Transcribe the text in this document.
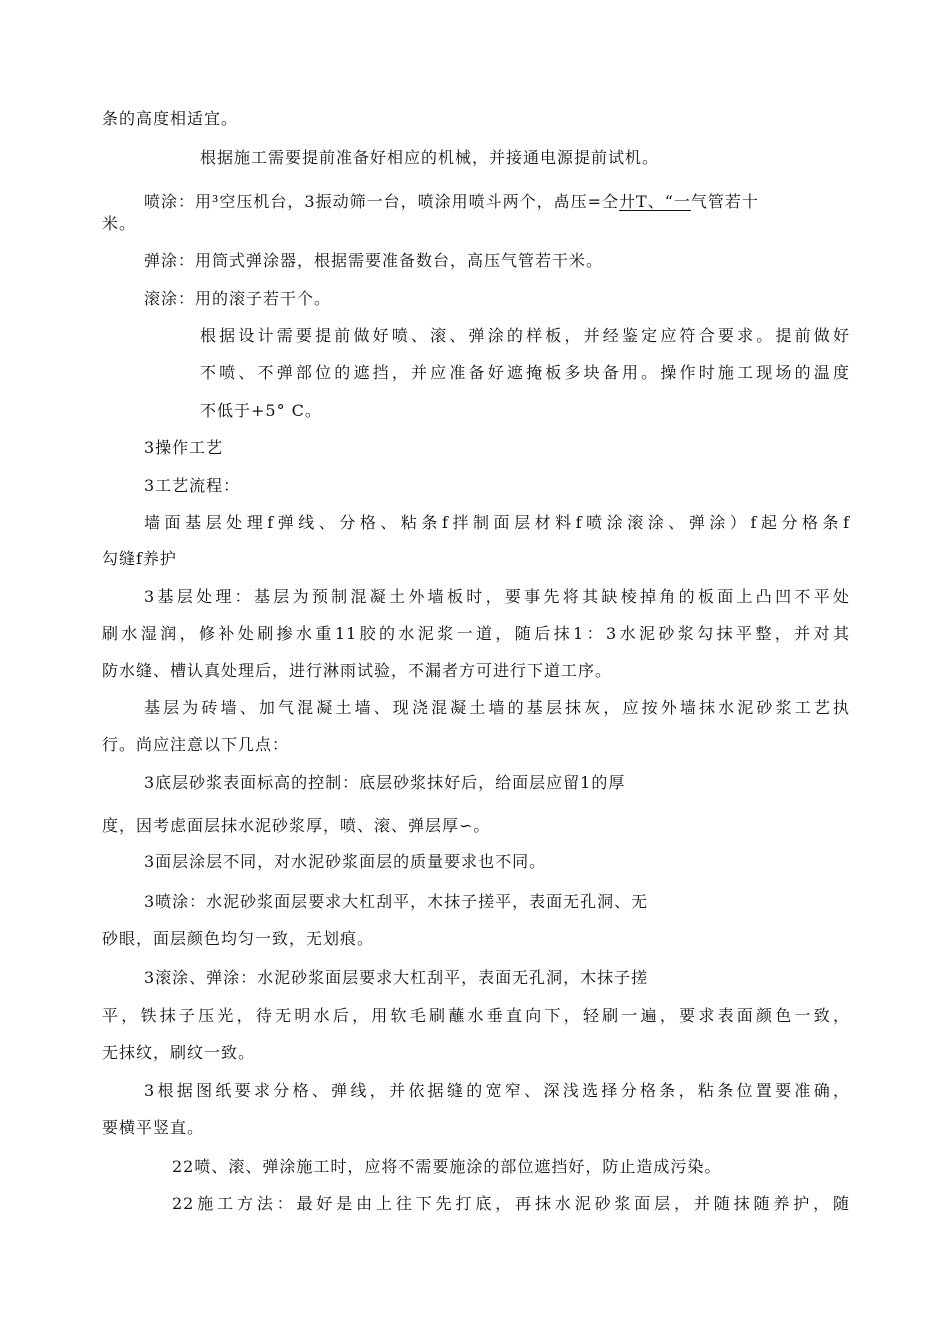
条的高度相适宜。

根据施工需要提前准备好相应的机械，并接通电源提前试机。

喷涂：用³空压机台，3振动筛一台，喷涂用喷斗两个，卨压=仝廾T、“一气管若十

米。

弹涂：用筒式弹涂器，根据需要准备数台，高压气管若干米。

滚涂：用的滚子若干个。

根据设计需要提前做好喷、滚、弹涂的样板，并经鉴定应符合要求。提前做好

不喷、不弹部位的遮挡，并应准备好遮掩板多块备用。操作时施工现场的温度

不低于+5° C。

3操作工艺

3工艺流程：

墙面基层处理f弹线、分格、粘条f拌制面层材料f喷涂滚涂、弹涂）f起分格条f

勾缝f养护

3基层处理：基层为预制混凝土外墙板时，要事先将其缺棱掉角的板面上凸凹不平处

刷水湿润，修补处刷掺水重11胶的水泥浆一道，随后抹1：3水泥砂浆勾抹平整，并对其

防水缝、槽认真处理后，进行淋雨试验，不漏者方可进行下道工序。

基层为砖墙、加气混凝土墙、现浇混凝土墙的基层抹灰，应按外墙抹水泥砂浆工艺执

行。尚应注意以下几点：

3底层砂浆表面标高的控制：底层砂浆抹好后，给面层应留1的厚

度，因考虑面层抹水泥砂浆厚，喷、滚、弹层厚∽。

3面层涂层不同，对水泥砂浆面层的质量要求也不同。

3喷涂：水泥砂浆面层要求大杠刮平，木抹子搓平，表面无孔洞、无

砂眼，面层颜色均匀一致，无划痕。

3滚涂、弹涂：水泥砂浆面层要求大杠刮平，表面无孔洞，木抹子搓

平，铁抹子压光，待无明水后，用软毛刷蘸水垂直向下，轻刷一遍，要求表面颜色一致，

无抹纹，刷纹一致。

3根据图纸要求分格、弹线，并依据缝的宽窄、深浅选择分格条，粘条位置要准确，

要横平竖直。

22喷、滚、弹涂施工时，应将不需要施涂的部位遮挡好，防止造成污染。

22施工方法：最好是由上往下先打底，再抹水泥砂浆面层，并随抹随养护，随
